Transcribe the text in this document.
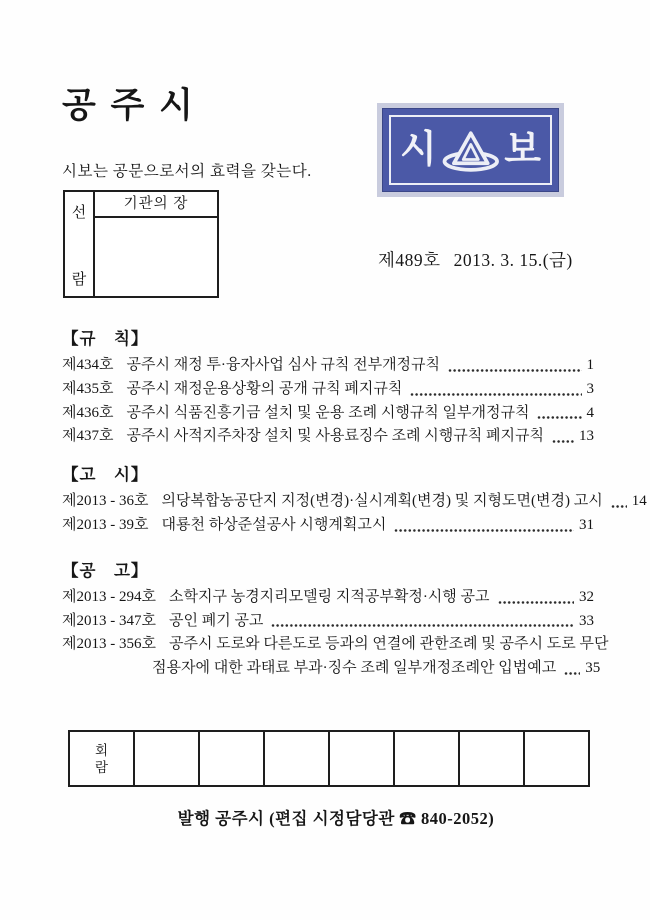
공 주 시
시 보
시보는 공문으로서의 효력을 갖는다.
선
람
기관의 장
제489호 2013. 3. 15.(금)
【규　칙】
제434호 공주시 재정 투·융자사업 심사 규칙 전부개정규칙	1
제435호 공주시 재정운용상황의 공개 규칙 폐지규칙	3
제436호 공주시 식품진흥기금 설치 및 운용 조례 시행규칙 일부개정규칙	4
제437호 공주시 사적지주차장 설치 및 사용료징수 조례 시행규칙 폐지규칙 13
【고　시】
제2013 - 36호 의당복합농공단지 지정(변경)·실시계획(변경) 및 지형도면(변경) 고시 14
제2013 - 39호 대룡천 하상준설공사 시행계획고시	31
【공　고】
제2013 - 294호 소학지구 농경지리모델링 지적공부확정·시행 공고	32
제2013 - 347호 공인 폐기 공고	33
제2013 - 356호 공주시 도로와 다른도로 등과의 연결에 관한조례 및 공주시 도로 무단
점용자에 대한 과태료 부과·징수 조례 일부개정조례안 입법예고 35
회
람
발행 공주시 (편집 시정담당관 ☎ 840-2052)
